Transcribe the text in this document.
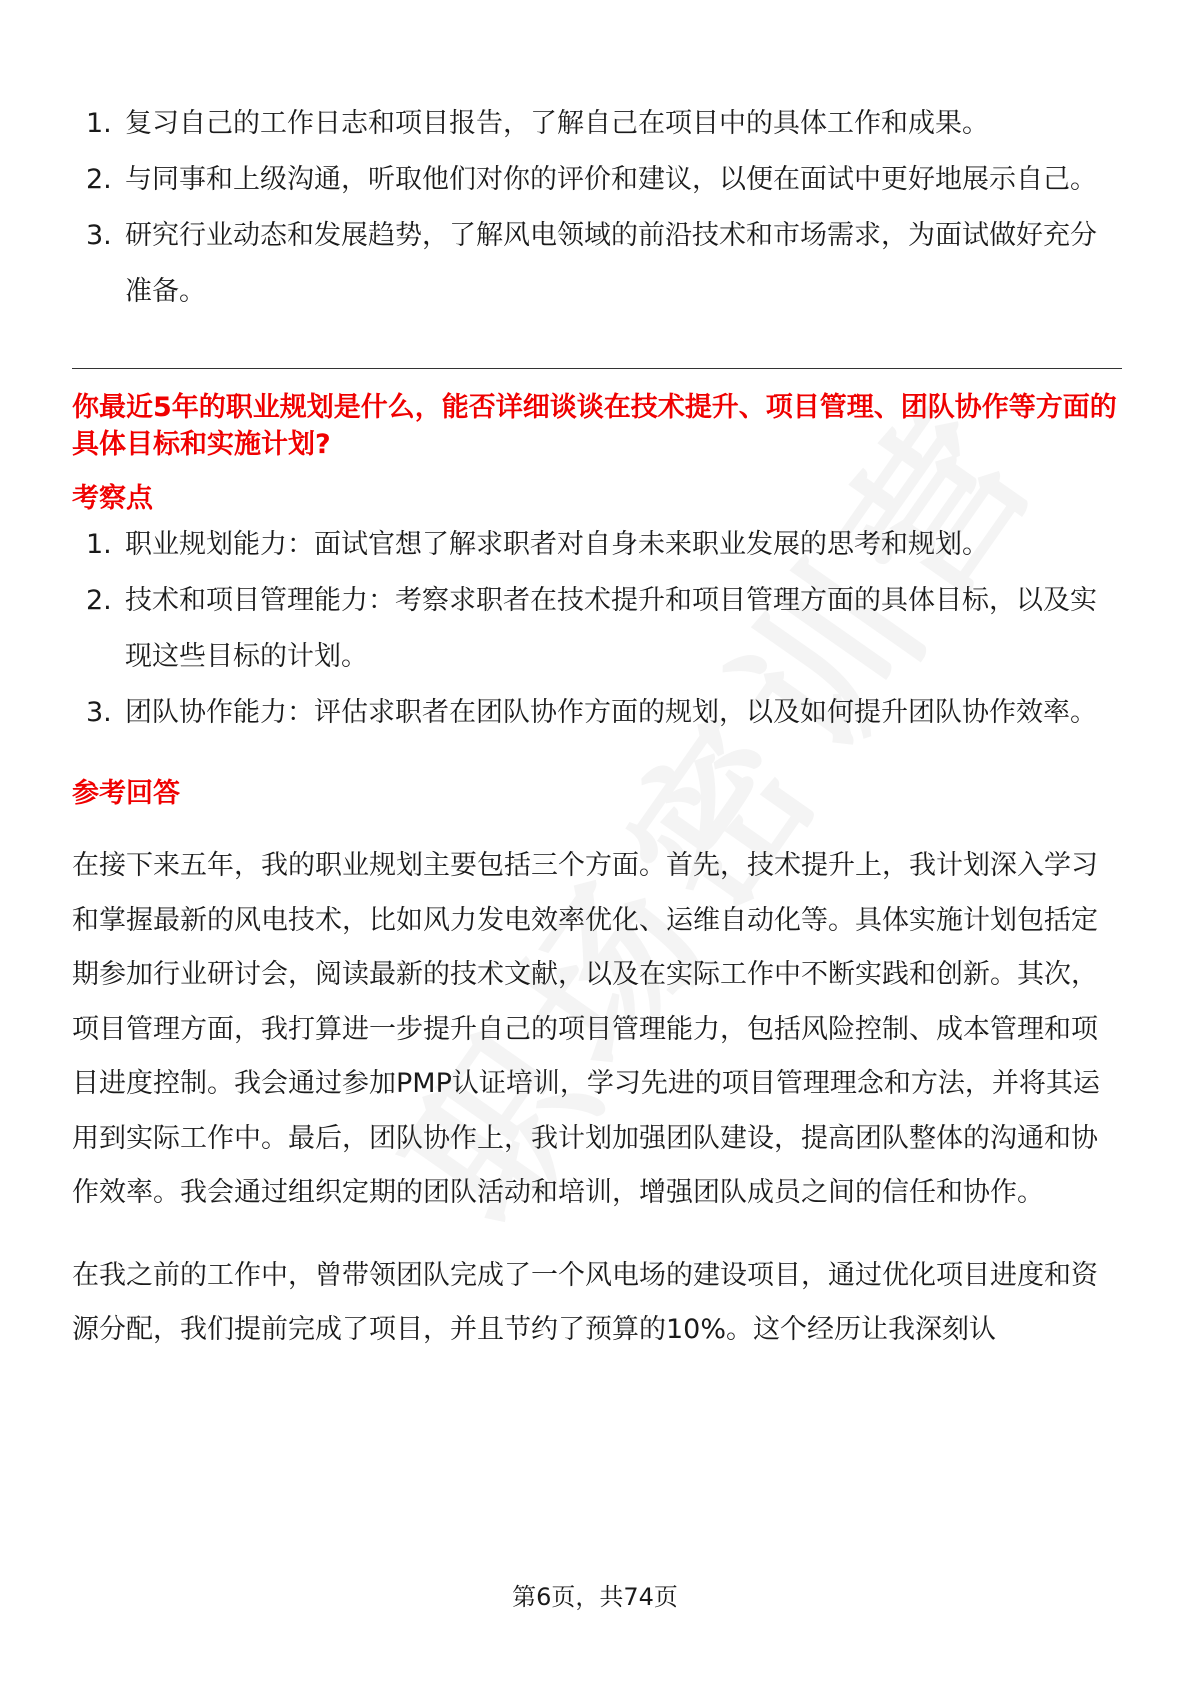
1. 复习自己的工作日志和项目报告，了解自己在项目中的具体工作和成果。
2. 与同事和上级沟通，听取他们对你的评价和建议，以便在面试中更好地展示自己。
3. 研究行业动态和发展趋势，了解风电领域的前沿技术和市场需求，为面试做好充分准备。

你最近5年的职业规划是什么，能否详细谈谈在技术提升、项目管理、团队协作等方面的具体目标和实施计划?

考察点

1. 职业规划能力：面试官想了解求职者对自身未来职业发展的思考和规划。
2. 技术和项目管理能力：考察求职者在技术提升和项目管理方面的具体目标，以及实现这些目标的计划。
3. 团队协作能力：评估求职者在团队协作方面的规划，以及如何提升团队协作效率。

参考回答

在接下来五年，我的职业规划主要包括三个方面。首先，技术提升上，我计划深入学习和掌握最新的风电技术，比如风力发电效率优化、运维自动化等。具体实施计划包括定期参加行业研讨会，阅读最新的技术文献，以及在实际工作中不断实践和创新。其次，项目管理方面，我打算进一步提升自己的项目管理能力，包括风险控制、成本管理和项目进度控制。我会通过参加PMP认证培训，学习先进的项目管理理念和方法，并将其运用到实际工作中。最后，团队协作上，我计划加强团队建设，提高团队整体的沟通和协作效率。我会通过组织定期的团队活动和培训，增强团队成员之间的信任和协作。

在我之前的工作中，曾带领团队完成了一个风电场的建设项目，通过优化项目进度和资源分配，我们提前完成了项目，并且节约了预算的10%。这个经历让我深刻认

第6页，共74页
